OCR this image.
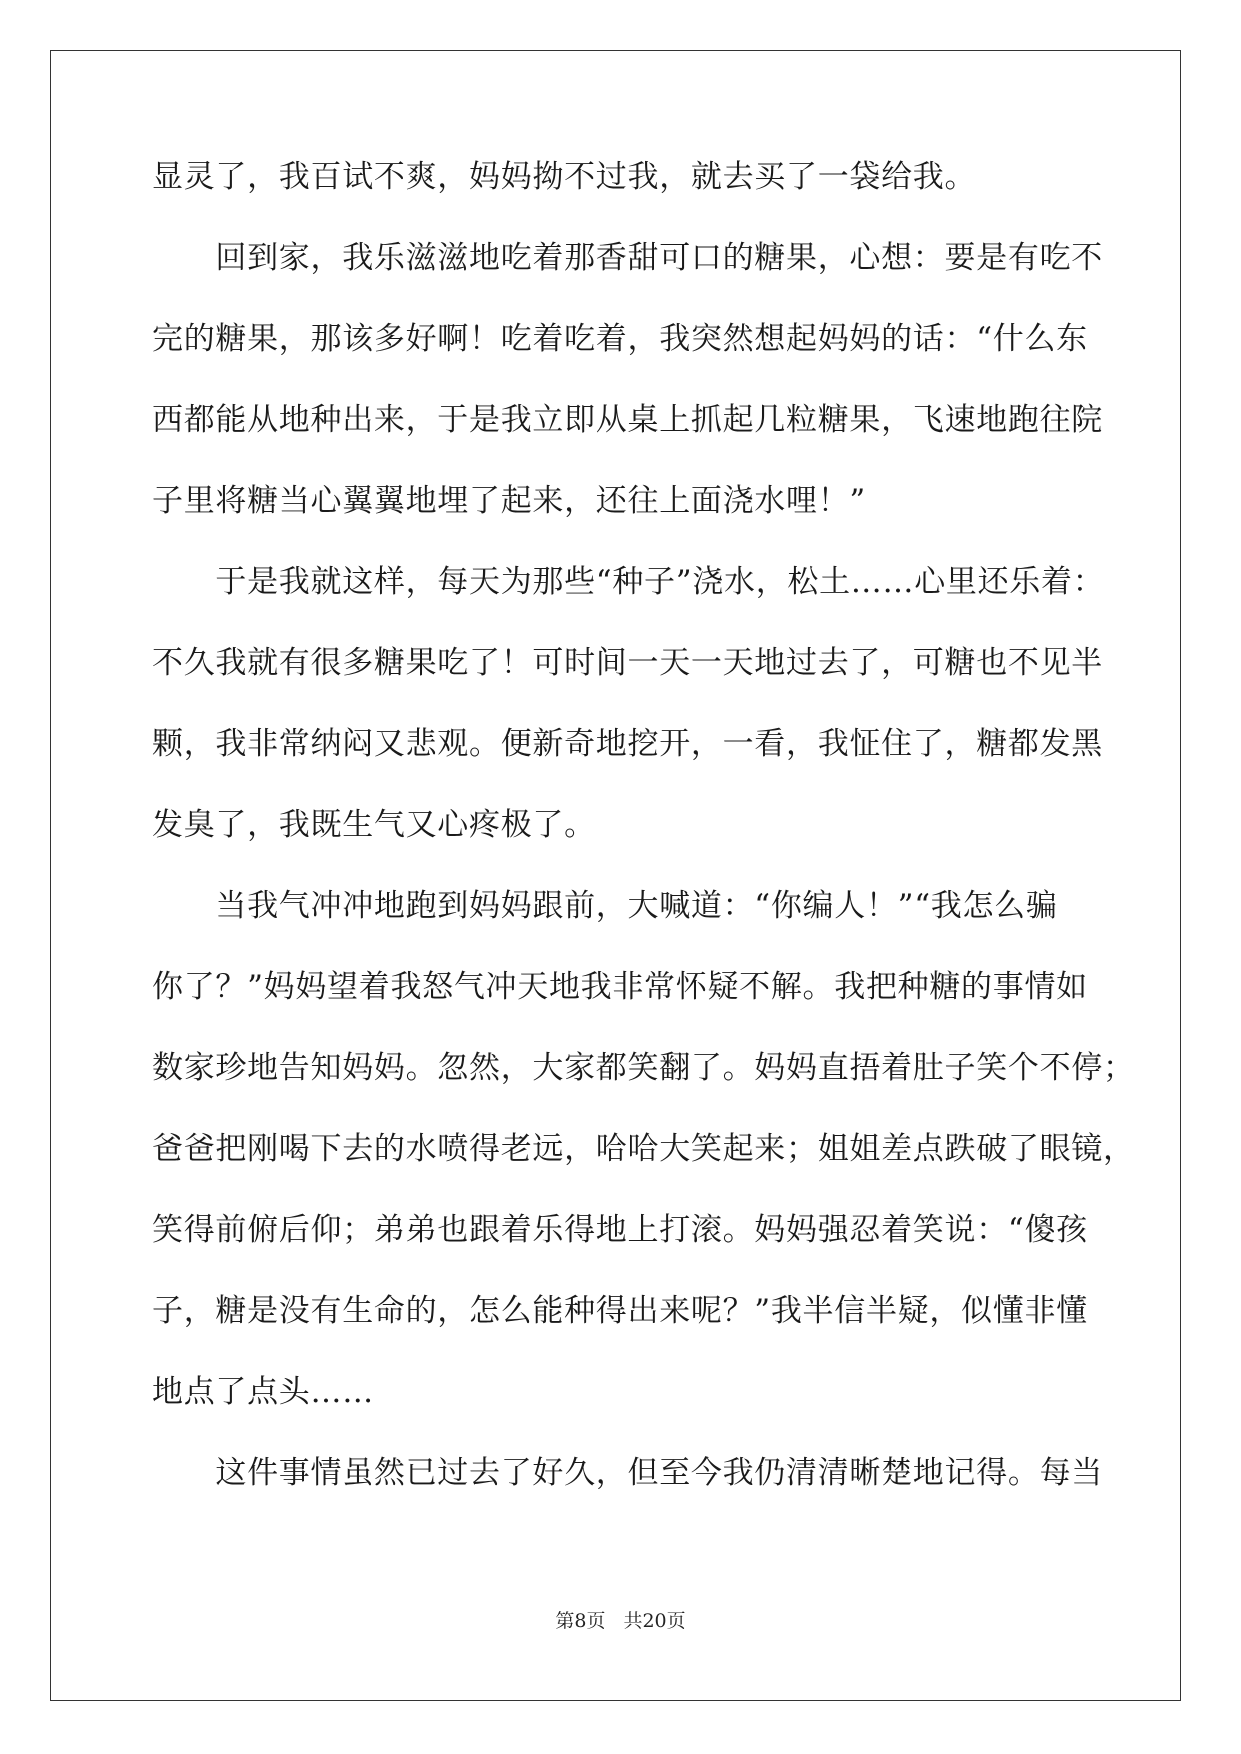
显灵了，我百试不爽，妈妈拗不过我，就去买了一袋给我。
　　回到家，我乐滋滋地吃着那香甜可口的糖果，心想：要是有吃不
完的糖果，那该多好啊！吃着吃着，我突然想起妈妈的话：“什么东
西都能从地种出来，于是我立即从桌上抓起几粒糖果，飞速地跑往院
子里将糖当心翼翼地埋了起来，还往上面浇水哩！”
　　于是我就这样，每天为那些“种子”浇水，松土……心里还乐着：
不久我就有很多糖果吃了！可时间一天一天地过去了，可糖也不见半
颗，我非常纳闷又悲观。便新奇地挖开，一看，我怔住了，糖都发黑
发臭了，我既生气又心疼极了。
　　当我气冲冲地跑到妈妈跟前，大喊道：“你编人！”“我怎么骗
你了？”妈妈望着我怒气冲天地我非常怀疑不解。我把种糖的事情如
数家珍地告知妈妈。忽然，大家都笑翻了。妈妈直捂着肚子笑个不停；
爸爸把刚喝下去的水喷得老远，哈哈大笑起来；姐姐差点跌破了眼镜，
笑得前俯后仰；弟弟也跟着乐得地上打滚。妈妈强忍着笑说：“傻孩
子，糖是没有生命的，怎么能种得出来呢？”我半信半疑，似懂非懂
地点了点头……
　　这件事情虽然已过去了好久，但至今我仍清清晰楚地记得。每当
第8页 共20页
